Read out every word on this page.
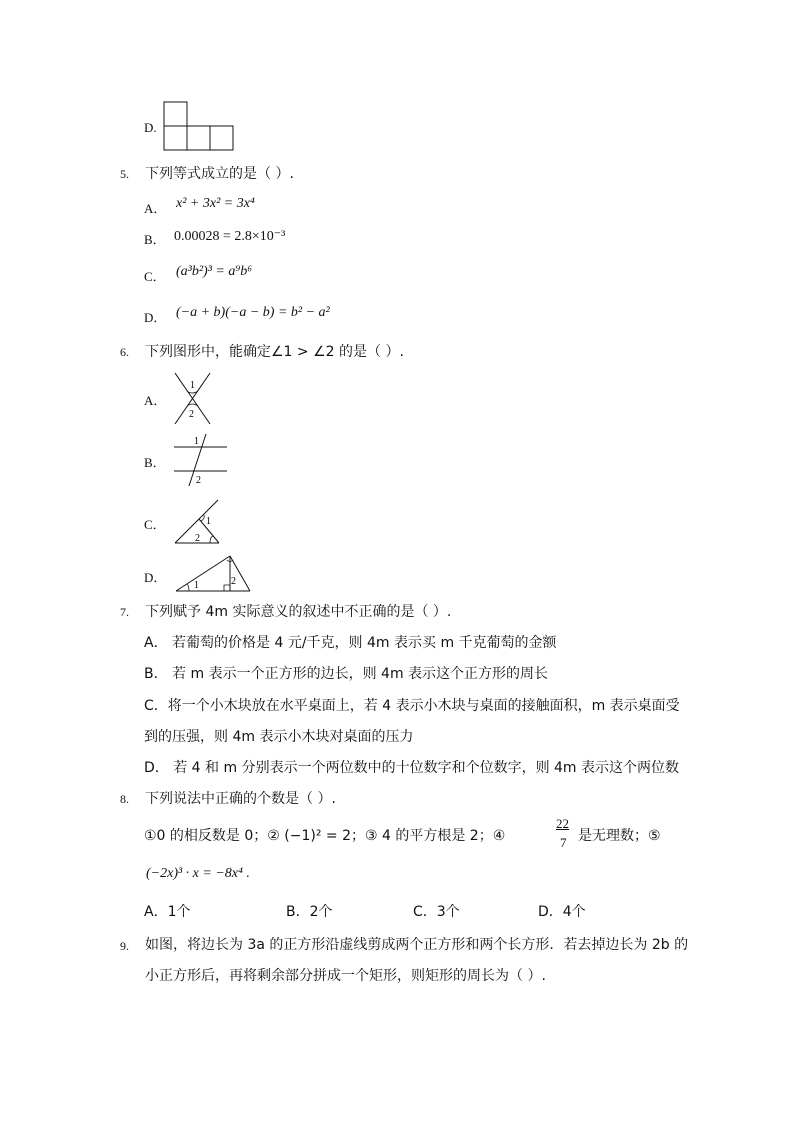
D.
5. 下列等式成立的是（ ）.
A． x² + 3x² = 3x⁴
B． 0.00028 = 2.8×10⁻³
C． (a³b²)³ = a⁹b⁶
D． (−a + b)(−a − b) = b² − a²
6. 下列图形中，能确定∠1 > ∠2 的是（ ）.
A．
1
2
B．
1
2
C．	1
2
D．
1	2
7. 下列赋予 4m 实际意义的叙述中不正确的是（ ）.
A． 若葡萄的价格是 4 元/千克，则 4m 表示买 m 千克葡萄的金额
B． 若 m 表示一个正方形的边长，则 4m 表示这个正方形的周长
C．将一个小木块放在水平桌面上，若 4 表示小木块与桌面的接触面积，m 表示桌面受
到的压强，则 4m 表示小木块对桌面的压力
D． 若 4 和 m 分别表示一个两位数中的十位数字和个位数字，则 4m 表示这个两位数
8. 下列说法中正确的个数是（ ）.
①0 的相反数是 0；② (−1)² = 2；③ 4 的平方根是 2；④
22
7 是无理数；⑤
(−2x)³ · x = −8x⁴ .
A．1个	B．2个	C．3个	D．4个
9. 如图，将边长为 3a 的正方形沿虚线剪成两个正方形和两个长方形．若去掉边长为 2b 的
小正方形后，再将剩余部分拼成一个矩形，则矩形的周长为（ ）.
